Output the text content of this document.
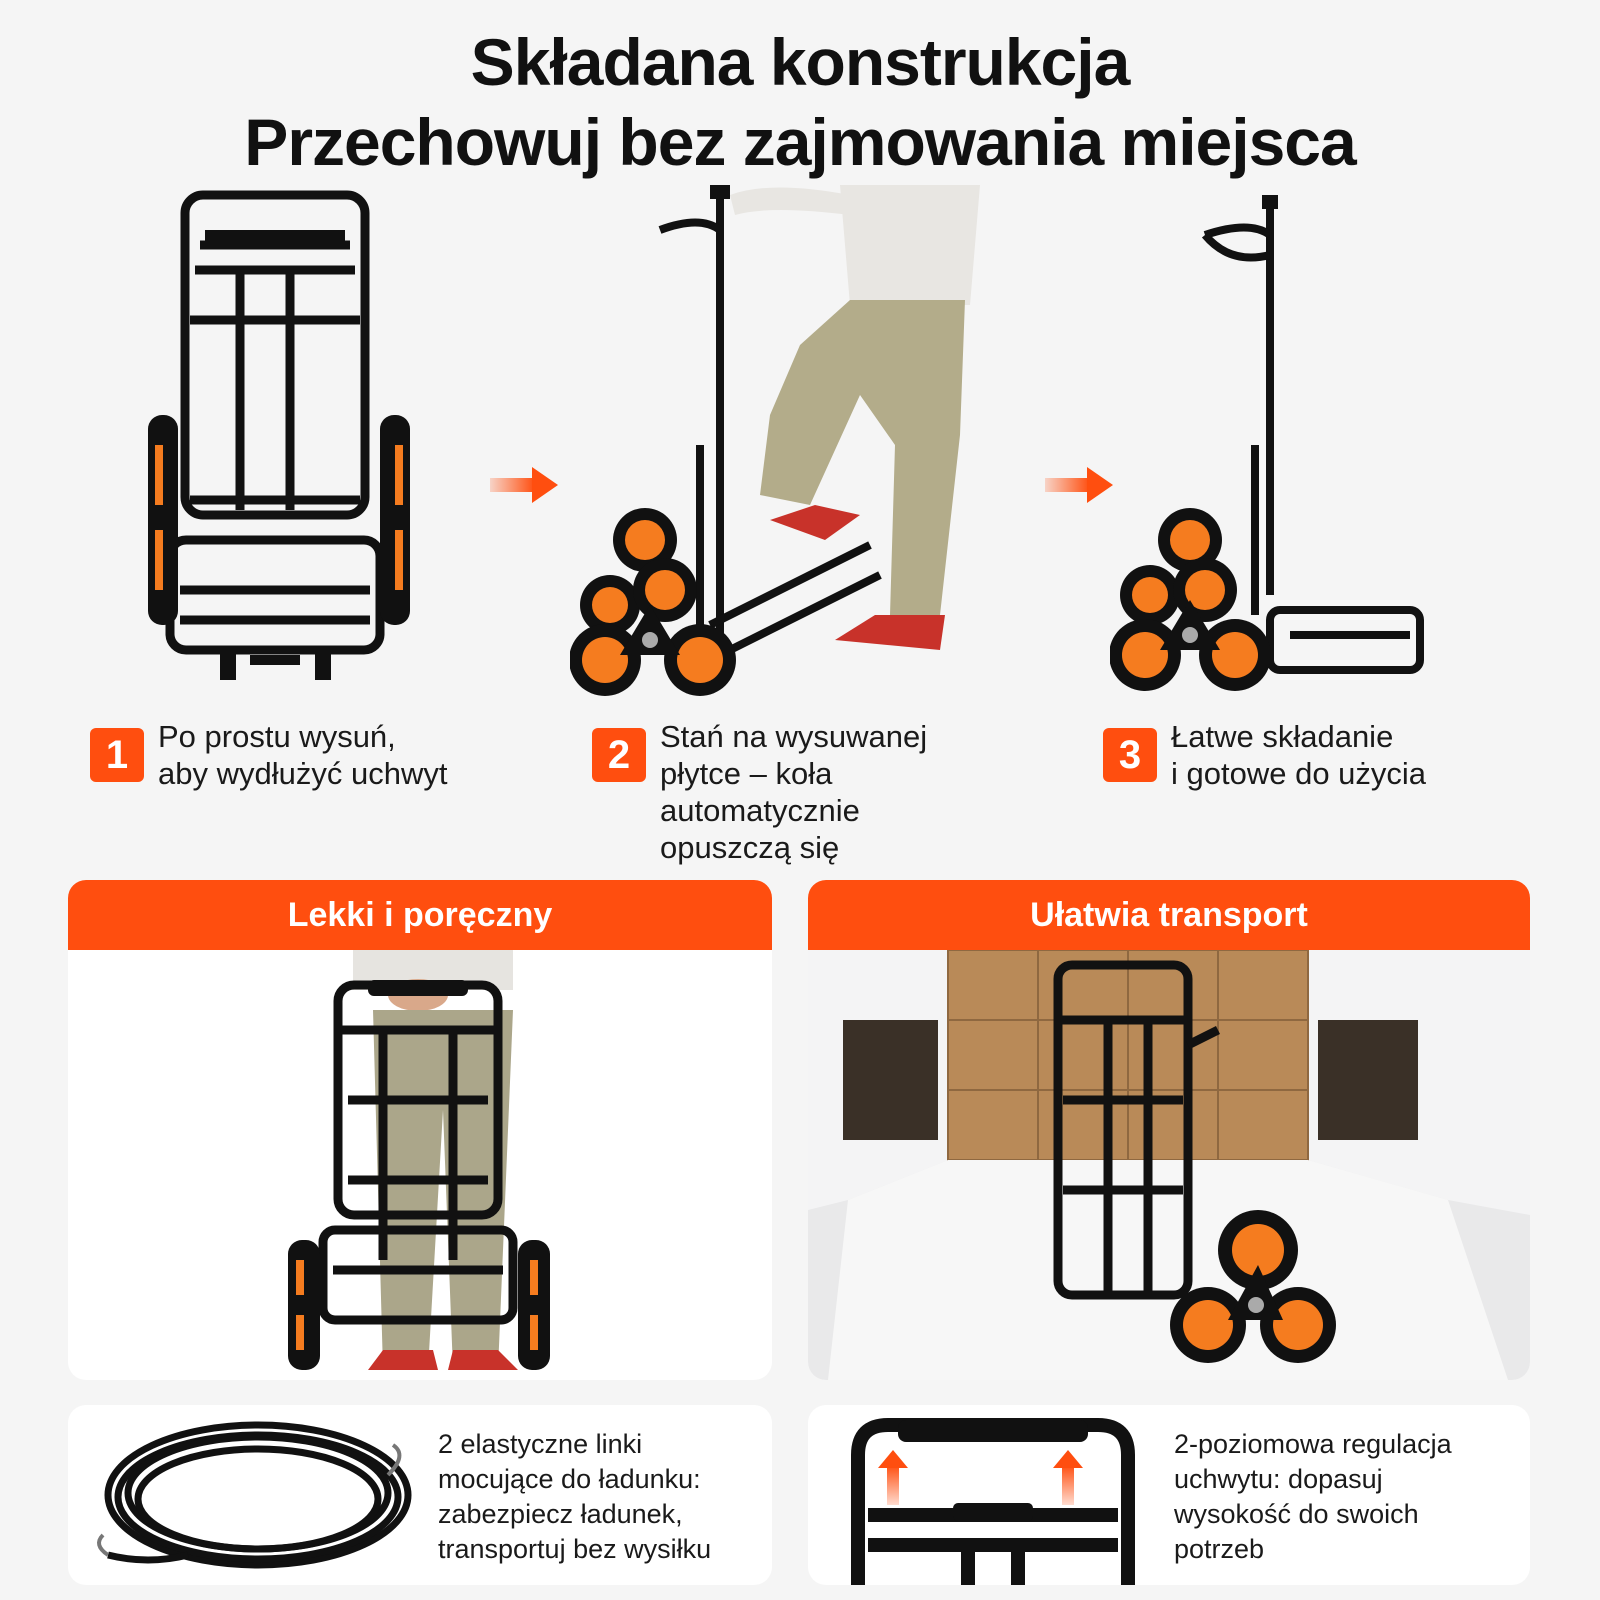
Składana konstrukcja
Przechowuj bez zajmowania miejsca
1 Po prostu wysuń,
aby wydłużyć uchwyt	2 Stań na wysuwanej
płytce – koła
automatycznie
opuszczą się
3 Łatwe składanie
i gotowe do użycia
Lekki i poręczny	Ułatwia transport
2 elastyczne linki
mocujące do ładunku:
zabezpiecz ładunek,
transportuj bez wysiłku
2-poziomowa regulacja
uchwytu: dopasuj
wysokość do swoich
potrzeb
